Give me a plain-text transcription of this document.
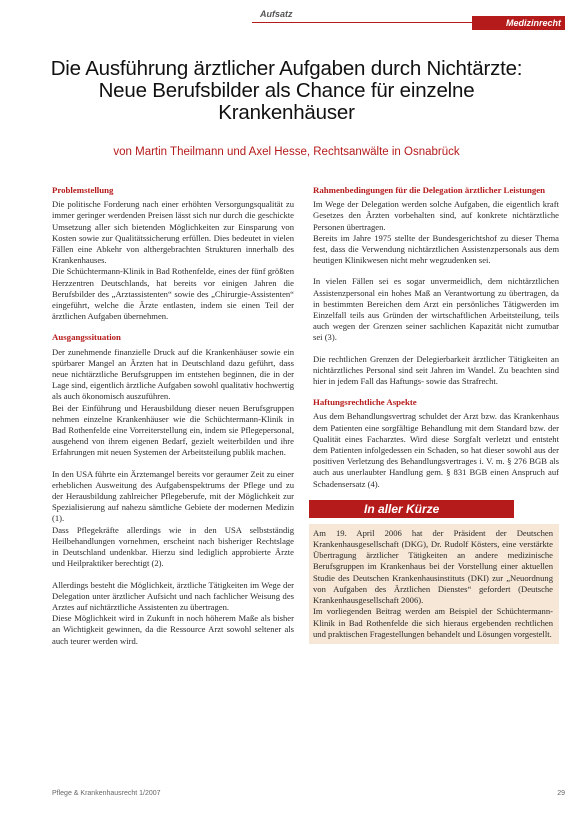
Aufsatz
Medizinrecht
Die Ausführung ärztlicher Aufgaben durch Nichtärzte: Neue Berufsbilder als Chance für einzelne Krankenhäuser
von Martin Theilmann und Axel Hesse, Rechtsanwälte in Osnabrück
Problemstellung
Die politische Forderung nach einer erhöhten Versorgungsqualität zu immer geringer werdenden Preisen lässt sich nur durch die geschickte Umsetzung aller sich bietenden Möglichkeiten zur Einsparung von Kosten sowie zur Qualitätssicherung erfüllen. Dies bedeutet in vielen Fällen eine Abkehr von althergebrachten Strukturen innerhalb des Krankenhauses.
Die Schüchtermann-Klinik in Bad Rothenfelde, eines der fünf größten Herzzentren Deutschlands, hat bereits vor einigen Jahren die Berufsbilder des „Arztassistenten“ sowie des „Chirurgie-Assistenten“ eingeführt, welche die Ärzte entlasten, indem sie einen Teil der ärztlichen Aufgaben übernehmen.
Ausgangssituation
Der zunehmende finanzielle Druck auf die Krankenhäuser sowie ein spürbarer Mangel an Ärzten hat in Deutschland dazu geführt, dass neue nichtärztliche Berufsgruppen im entstehen beginnen, die in der Lage sind, eigentlich ärztliche Aufgaben sowohl qualitativ hochwertig als auch ökonomisch auszuführen.
Bei der Einführung und Herausbildung dieser neuen Berufsgruppen nehmen einzelne Krankenhäuser wie die Schüchtermann-Klinik in Bad Rothenfelde eine Vorreiterstellung ein, indem sie Pflegepersonal, ausgehend von ihrem eigenen Bedarf, gezielt weiterbilden und ihre Erfahrungen mit neuen Systemen der Arbeitsteilung publik machen.
In den USA führte ein Ärztemangel bereits vor geraumer Zeit zu einer erheblichen Ausweitung des Aufgabenspektrums der Pflege und zu der Herausbildung zahlreicher Pflegeberufe, mit der Möglichkeit zur Spezialisierung auf nahezu sämtliche Gebiete der modernen Medizin (1).
Dass Pflegekräfte allerdings wie in den USA selbstständig Heilbehandlungen vornehmen, erscheint nach bisheriger Rechtslage in Deutschland undenkbar. Hierzu sind lediglich approbierte Ärzte und Heilpraktiker berechtigt (2).
Allerdings besteht die Möglichkeit, ärztliche Tätigkeiten im Wege der Delegation unter ärztlicher Aufsicht und nach fachlicher Weisung des Arztes auf nichtärztliche Assistenten zu übertragen.
Diese Möglichkeit wird in Zukunft in noch höherem Maße als bisher an Wichtigkeit gewinnen, da die Ressource Arzt sowohl seltener als auch teurer werden wird.
Rahmenbedingungen für die Delegation ärztlicher Leistungen
Im Wege der Delegation werden solche Aufgaben, die eigentlich kraft Gesetzes den Ärzten vorbehalten sind, auf konkrete nichtärztliche Personen übertragen.
Bereits im Jahre 1975 stellte der Bundesgerichtshof zu dieser Thema fest, dass die Verwendung nichtärztlichen Assistenzpersonals aus dem heutigen Klinikwesen nicht mehr wegzudenken sei.
In vielen Fällen sei es sogar unvermeidlich, dem nichtärztlichen Assistenzpersonal ein hohes Maß an Verantwortung zu übertragen, da in bestimmten Bereichen dem Arzt ein persönliches Tätigwerden im Einzelfall teils aus Gründen der wirtschaftlichen Arbeitsteilung, teils auch wegen der Grenzen seiner sachlichen Kapazität nicht zumutbar sei (3).
Die rechtlichen Grenzen der Delegierbarkeit ärztlicher Tätigkeiten an nichtärztliches Personal sind seit Jahren im Wandel. Zu beachten sind hier in jedem Fall das Haftungs- sowie das Strafrecht.
Haftungsrechtliche Aspekte
Aus dem Behandlungsvertrag schuldet der Arzt bzw. das Krankenhaus dem Patienten eine sorgfältige Behandlung mit dem Standard bzw. der Qualität eines Facharztes. Wird diese Sorgfalt verletzt und entsteht dem Patienten infolgedessen ein Schaden, so hat dieser sowohl aus der positiven Verletzung des Behandlungsvertrages i. V. m. § 276 BGB als auch aus unerlaubter Handlung gem. § 831 BGB einen Anspruch auf Schadensersatz (4).
In aller Kürze
Am 19. April 2006 hat der Präsident der Deutschen Krankenhausgesellschaft (DKG), Dr. Rudolf Kösters, eine verstärkte Übertragung ärztlicher Tätigkeiten an andere medizinische Berufsgruppen im Krankenhaus bei der Vorstellung einer aktuellen Studie des Deutschen Krankenhausinstituts (DKI) zur „Neuordnung von Aufgaben des Ärztlichen Dienstes“ gefordert (Deutsche Krankenhausgesellschaft 2006).
Im vorliegenden Beitrag werden am Beispiel der Schüchtermann-Klinik in Bad Rothenfelde die sich hieraus ergebenden rechtlichen und praktischen Fragestellungen behandelt und Lösungen vorgestellt.
Pflege & Krankenhausrecht 1/2007	29
